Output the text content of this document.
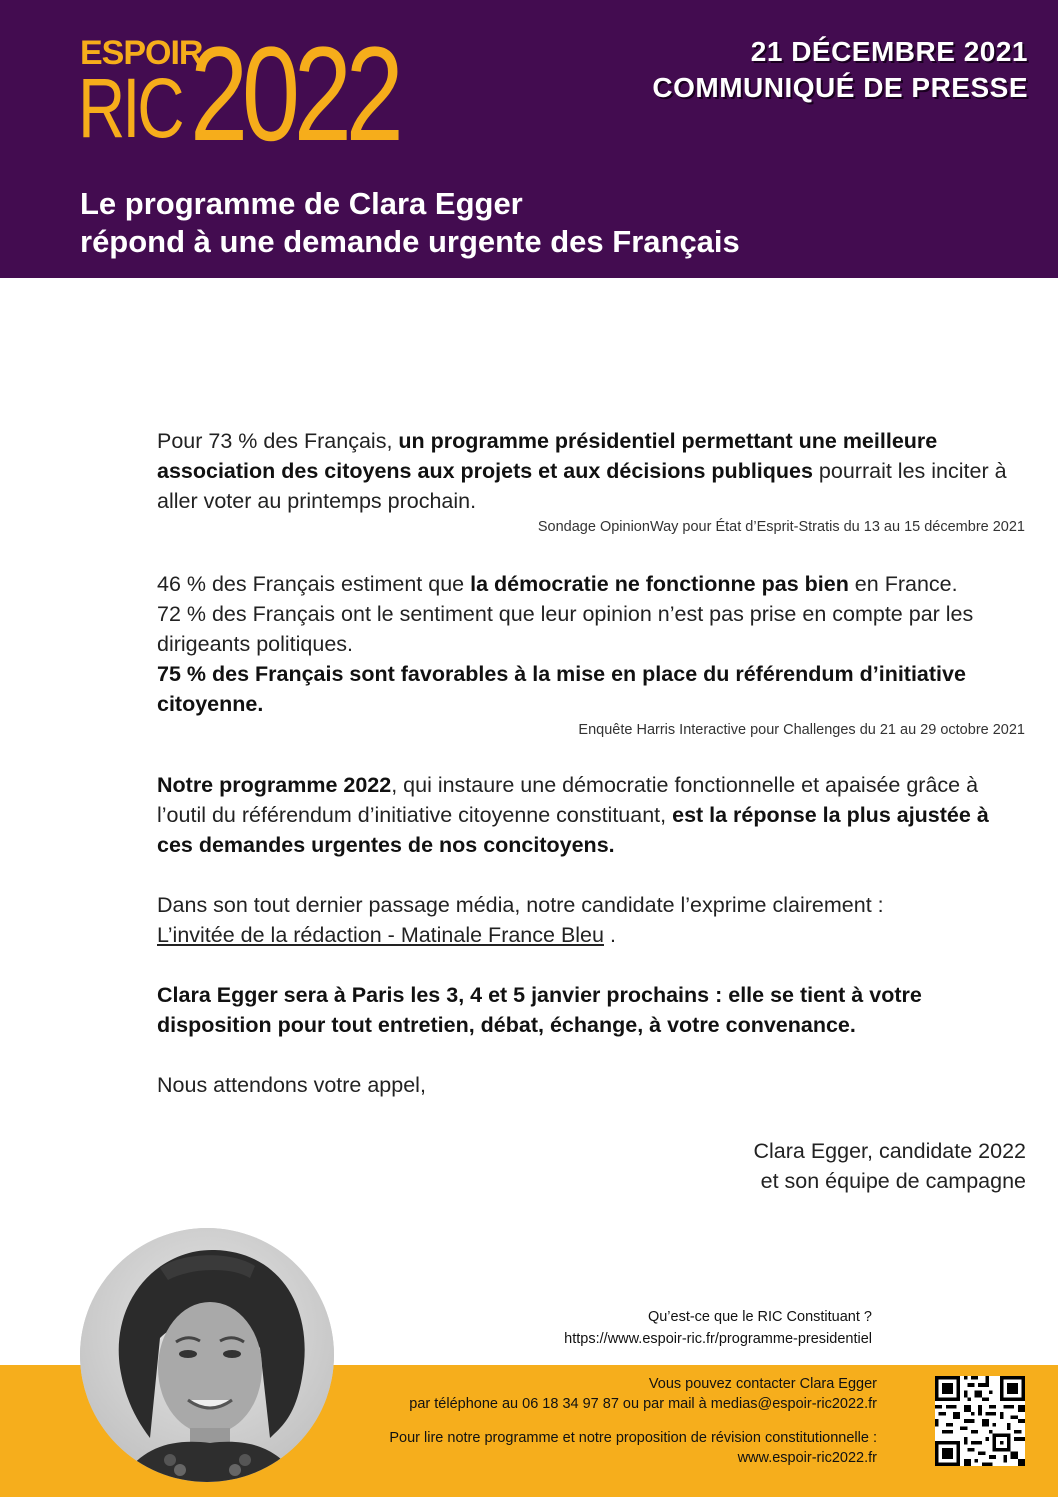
ESPOIR
RIC 2022	21 DÉCEMBRE 2021
COMMUNIQUÉ DE PRESSE
Le programme de Clara Egger
répond à une demande urgente des Français

Pour 73 % des Français, un programme présidentiel permettant une meilleure association des citoyens aux projets et aux décisions publiques pourrait les inciter à aller voter au printemps prochain.

Sondage OpinionWay pour État d’Esprit-Stratis du 13 au 15 décembre 2021

46 % des Français estiment que la démocratie ne fonctionne pas bien en France.

72 % des Français ont le sentiment que leur opinion n’est pas prise en compte par les dirigeants politiques.

75 % des Français sont favorables à la mise en place du référendum d’initiative citoyenne.

Enquête Harris Interactive pour Challenges du 21 au 29 octobre 2021

Notre programme 2022, qui instaure une démocratie fonctionnelle et apaisée grâce à l’outil du référendum d’initiative citoyenne constituant, est la réponse la plus ajustée à ces demandes urgentes de nos concitoyens.

Dans son tout dernier passage média, notre candidate l’exprime clairement :
L’invitée de la rédaction - Matinale France Bleu .

Clara Egger sera à Paris les 3, 4 et 5 janvier prochains : elle se tient à votre disposition pour tout entretien, débat, échange, à votre convenance.

Nous attendons votre appel,

Clara Egger, candidate 2022
et son équipe de campagne
Qu’est-ce que le RIC Constituant ?
https://www.espoir-ric.fr/programme-presidentiel
Vous pouvez contacter Clara Egger
par téléphone au 06 18 34 97 87 ou par mail à medias@espoir-ric2022.fr
Pour lire notre programme et notre proposition de révision constitutionnelle :
www.espoir-ric2022.fr
